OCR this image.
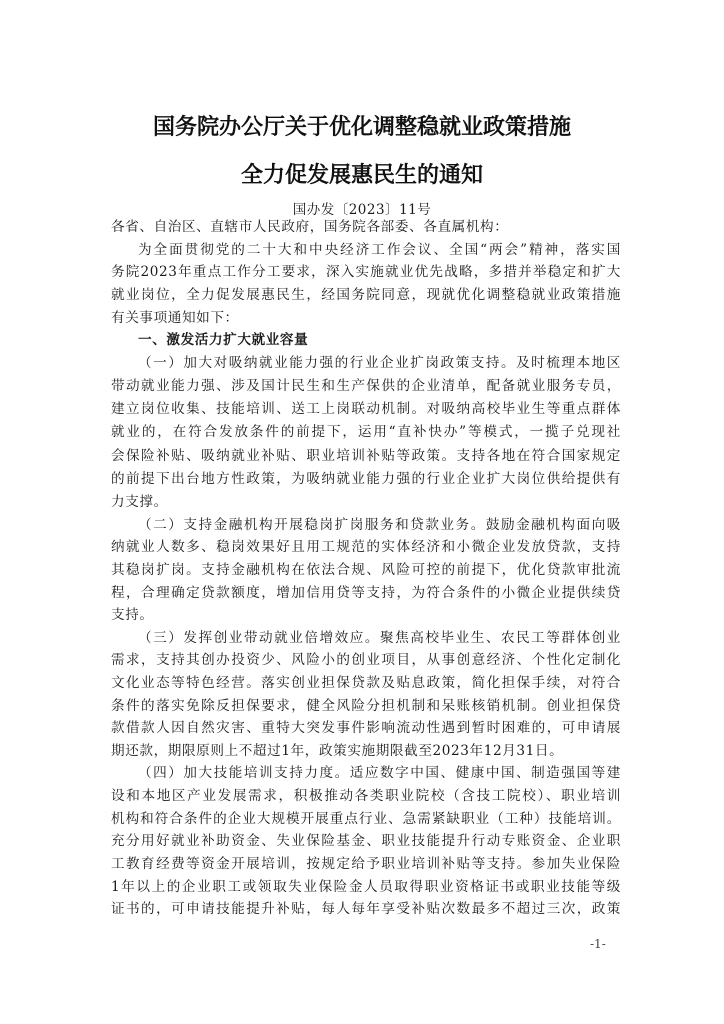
国务院办公厅关于优化调整稳就业政策措施
全力促发展惠民生的通知
国办发〔2023〕11号
各省、自治区、直辖市人民政府，国务院各部委、各直属机构：
为全面贯彻党的二十大和中央经济工作会议、全国“两会”精神，落实国
务院2023年重点工作分工要求，深入实施就业优先战略，多措并举稳定和扩大
就业岗位，全力促发展惠民生，经国务院同意，现就优化调整稳就业政策措施
有关事项通知如下：
一、激发活力扩大就业容量
（一）加大对吸纳就业能力强的行业企业扩岗政策支持。及时梳理本地区
带动就业能力强、涉及国计民生和生产保供的企业清单，配备就业服务专员，
建立岗位收集、技能培训、送工上岗联动机制。对吸纳高校毕业生等重点群体
就业的，在符合发放条件的前提下，运用“直补快办”等模式，一揽子兑现社
会保险补贴、吸纳就业补贴、职业培训补贴等政策。支持各地在符合国家规定
的前提下出台地方性政策，为吸纳就业能力强的行业企业扩大岗位供给提供有
力支撑。
（二）支持金融机构开展稳岗扩岗服务和贷款业务。鼓励金融机构面向吸
纳就业人数多、稳岗效果好且用工规范的实体经济和小微企业发放贷款，支持
其稳岗扩岗。支持金融机构在依法合规、风险可控的前提下，优化贷款审批流
程，合理确定贷款额度，增加信用贷等支持，为符合条件的小微企业提供续贷
支持。
（三）发挥创业带动就业倍增效应。聚焦高校毕业生、农民工等群体创业
需求，支持其创办投资少、风险小的创业项目，从事创意经济、个性化定制化
文化业态等特色经营。落实创业担保贷款及贴息政策，简化担保手续，对符合
条件的落实免除反担保要求，健全风险分担机制和呆账核销机制。创业担保贷
款借款人因自然灾害、重特大突发事件影响流动性遇到暂时困难的，可申请展
期还款，期限原则上不超过1年，政策实施期限截至2023年12月31日。
（四）加大技能培训支持力度。适应数字中国、健康中国、制造强国等建
设和本地区产业发展需求，积极推动各类职业院校（含技工院校）、职业培训
机构和符合条件的企业大规模开展重点行业、急需紧缺职业（工种）技能培训。
充分用好就业补助资金、失业保险基金、职业技能提升行动专账资金、企业职
工教育经费等资金开展培训，按规定给予职业培训补贴等支持。参加失业保险
1年以上的企业职工或领取失业保险金人员取得职业资格证书或职业技能等级
证书的，可申请技能提升补贴，每人每年享受补贴次数最多不超过三次，政策
-1-
